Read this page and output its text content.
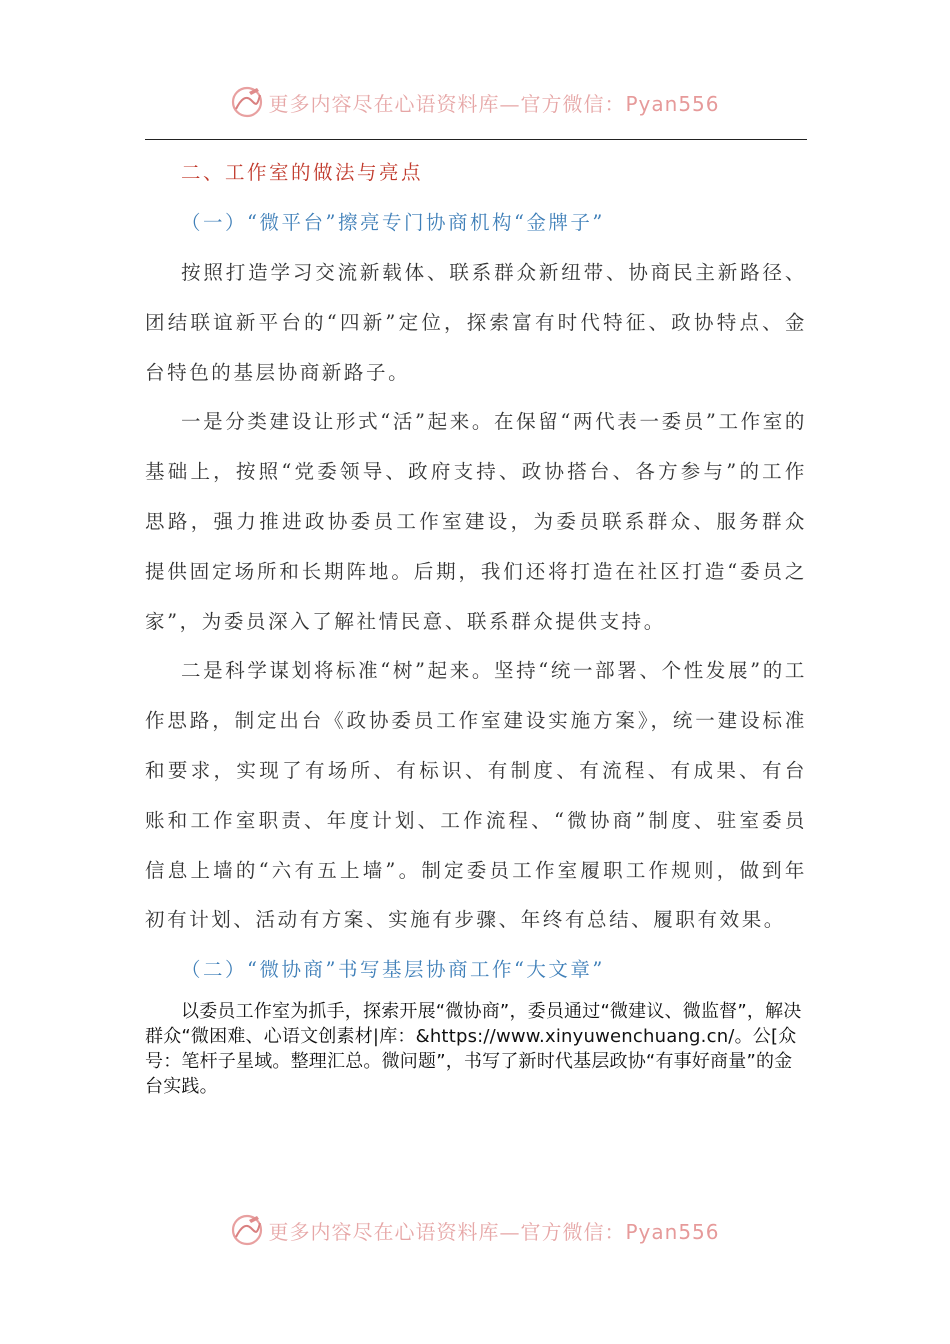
更多内容尽在心语资料库—官方微信：Pyan556
二、工作室的做法与亮点
（一）“微平台”擦亮专门协商机构“金牌子”

按照打造学习交流新载体、联系群众新纽带、协商民主新路径、团结联谊新平台的“四新”定位，探索富有时代特征、政协特点、金台特色的基层协商新路子。

一是分类建设让形式“活”起来。在保留“两代表一委员”工作室的基础上，按照“党委领导、政府支持、政协搭台、各方参与”的工作思路，强力推进政协委员工作室建设，为委员联系群众、服务群众提供固定场所和长期阵地。后期，我们还将打造在社区打造“委员之家”，为委员深入了解社情民意、联系群众提供支持。

二是科学谋划将标准“树”起来。坚持“统一部署、个性发展”的工作思路，制定出台《政协委员工作室建设实施方案》，统一建设标准和要求，实现了有场所、有标识、有制度、有流程、有成果、有台账和工作室职责、年度计划、工作流程、“微协商”制度、驻室委员信息上墙的“六有五上墙”。制定委员工作室履职工作规则，做到年初有计划、活动有方案、实施有步骤、年终有总结、履职有效果。

（二）“微协商”书写基层协商工作“大文章”

以委员工作室为抓手，探索开展“微协商”，委员通过“微建议、微监督”，解决群众“微困难、心语文创素材|库：&https://www.xinyuwenchuang.cn/。公[众号：笔杆子星域。整理汇总。微问题”，书写了新时代基层政协“有事好商量”的金台实践。

更多内容尽在心语资料库—官方微信：Pyan556
